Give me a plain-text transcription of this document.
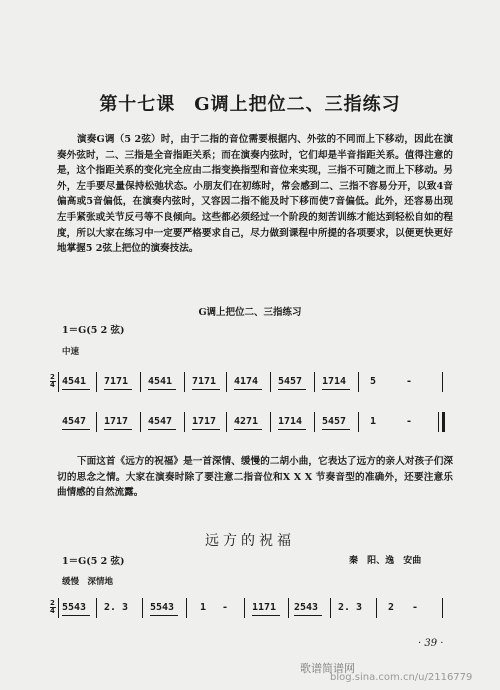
第十七课　G调上把位二、三指练习
演奏G调（5 2弦）时，由于二指的音位需要根据内、外弦的不同而上下移动，因此在演奏外弦时，二、三指是全音指距关系；而在演奏内弦时，它们却是半音指距关系。值得注意的是，这个指距关系的变化完全应由二指变换指型和音位来实现，三指不可随之而上下移动。另外，左手要尽量保持松弛状态。小朋友们在初练时，常会感到二、三指不容易分开，以致4音偏高或5音偏低，在演奏内弦时，又容因二指不能及时下移而使7音偏低。此外，还容易出现左手紧张或关节反弓等不良倾向。这些都必须经过一个阶段的刻苦训练才能达到轻松自如的程度，所以大家在练习中一定要严格要求自己，尽力做到课程中所提的各项要求，以便更快更好地掌握5 2弦上把位的演奏技法。
G调上把位二、三指练习
1＝G(5 2 弦)
中速
2
4 4541 7171 4541 7171 4174 5457 1714 5	-
4547 1717 4547 1717 4271 1714 5457 1	-
下面这首《远方的祝福》是一首深情、缓慢的二胡小曲，它表达了远方的亲人对孩子们深切的思念之情。大家在演奏时除了要注意二指音位和X X X 节奏音型的准确外，还要注意乐曲情感的自然流露。
远方的祝福
秦 阳、逸 安曲
1＝G(5 2 弦)
缓慢　深情地
2
4 5543 2. 3 5543	1 - 1171 2543 2. 3	2 -
· 39 ·
歌谱简谱网
blog.sina.com.cn/u/2116779
